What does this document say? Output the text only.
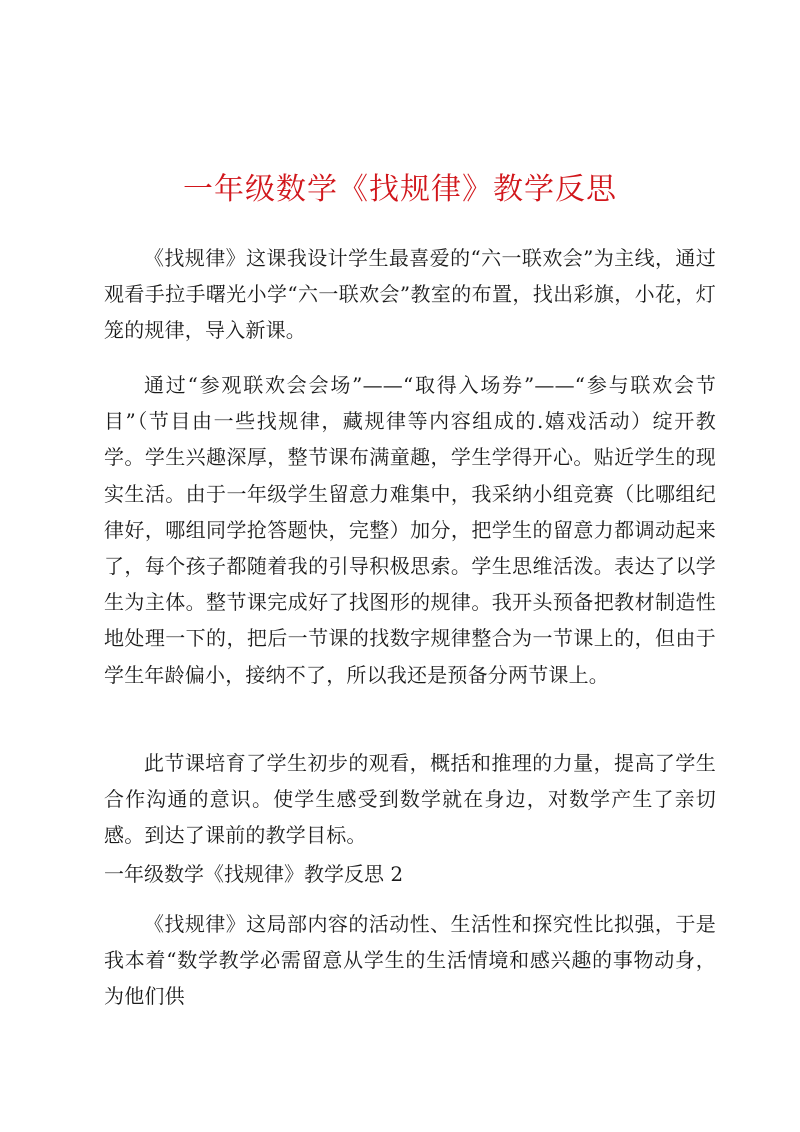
一年级数学《找规律》教学反思

《找规律》这课我设计学生最喜爱的“六一联欢会”为主线，通过观看手拉手曙光小学“六一联欢会”教室的布置，找出彩旗，小花，灯笼的规律，导入新课。

通过“参观联欢会会场”——“取得入场券”——“参与联欢会节目”（节目由一些找规律，藏规律等内容组成的.嬉戏活动）绽开教学。学生兴趣深厚，整节课布满童趣，学生学得开心。贴近学生的现实生活。由于一年级学生留意力难集中，我采纳小组竞赛（比哪组纪律好，哪组同学抢答题快，完整）加分，把学生的留意力都调动起来了，每个孩子都随着我的引导积极思索。学生思维活泼。表达了以学生为主体。整节课完成好了找图形的规律。我开头预备把教材制造性地处理一下的，把后一节课的找数字规律整合为一节课上的，但由于学生年龄偏小，接纳不了，所以我还是预备分两节课上。

此节课培育了学生初步的观看，概括和推理的力量，提高了学生合作沟通的意识。使学生感受到数学就在身边，对数学产生了亲切感。到达了课前的教学目标。

一年级数学《找规律》教学反思 2

《找规律》这局部内容的活动性、生活性和探究性比拟强，于是我本着“数学教学必需留意从学生的生活情境和感兴趣的事物动身，为他们供
